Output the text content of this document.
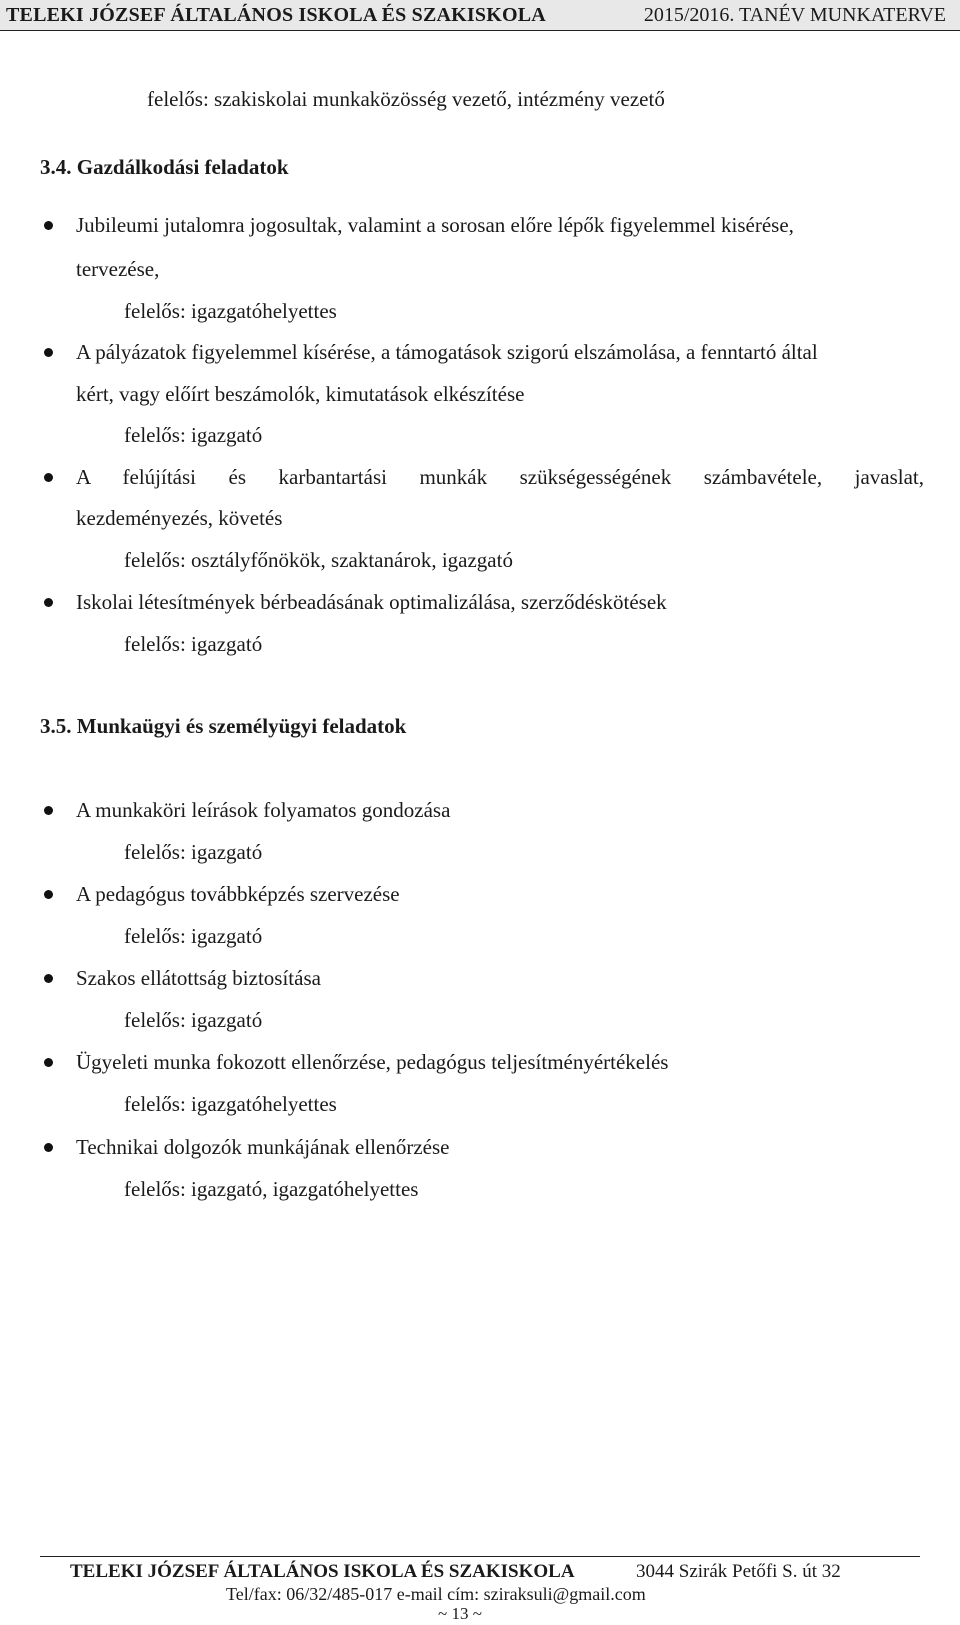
TELEKI JÓZSEF ÁLTALÁNOS ISKOLA ÉS SZAKISKOLA	2015/2016. TANÉV MUNKATERVE
felelős: szakiskolai munkaközösség vezető, intézmény vezető
3.4. Gazdálkodási feladatok
Jubileumi jutalomra jogosultak, valamint a sorosan előre lépők figyelemmel kisérése,
tervezése,
felelős: igazgatóhelyettes
A pályázatok figyelemmel kísérése, a támogatások szigorú elszámolása, a fenntartó által
kért, vagy előírt beszámolók, kimutatások elkészítése
felelős: igazgató
A felújítási és karbantartási munkák szükségességének számbavétele, javaslat,
kezdeményezés, követés
felelős: osztályfőnökök, szaktanárok, igazgató
Iskolai létesítmények bérbeadásának optimalizálása, szerződéskötések
felelős: igazgató
3.5. Munkaügyi és személyügyi feladatok
A munkaköri leírások folyamatos gondozása
felelős: igazgató
A pedagógus továbbképzés szervezése
felelős: igazgató
Szakos ellátottság biztosítása
felelős: igazgató
Ügyeleti munka fokozott ellenőrzése, pedagógus teljesítményértékelés
felelős: igazgatóhelyettes
Technikai dolgozók munkájának ellenőrzése
felelős: igazgató, igazgatóhelyettes
TELEKI JÓZSEF ÁLTALÁNOS ISKOLA ÉS SZAKISKOLA	3044 Szirák Petőfi S. út 32
Tel/fax: 06/32/485-017 e-mail cím: sziraksuli@gmail.com
~ 13 ~
